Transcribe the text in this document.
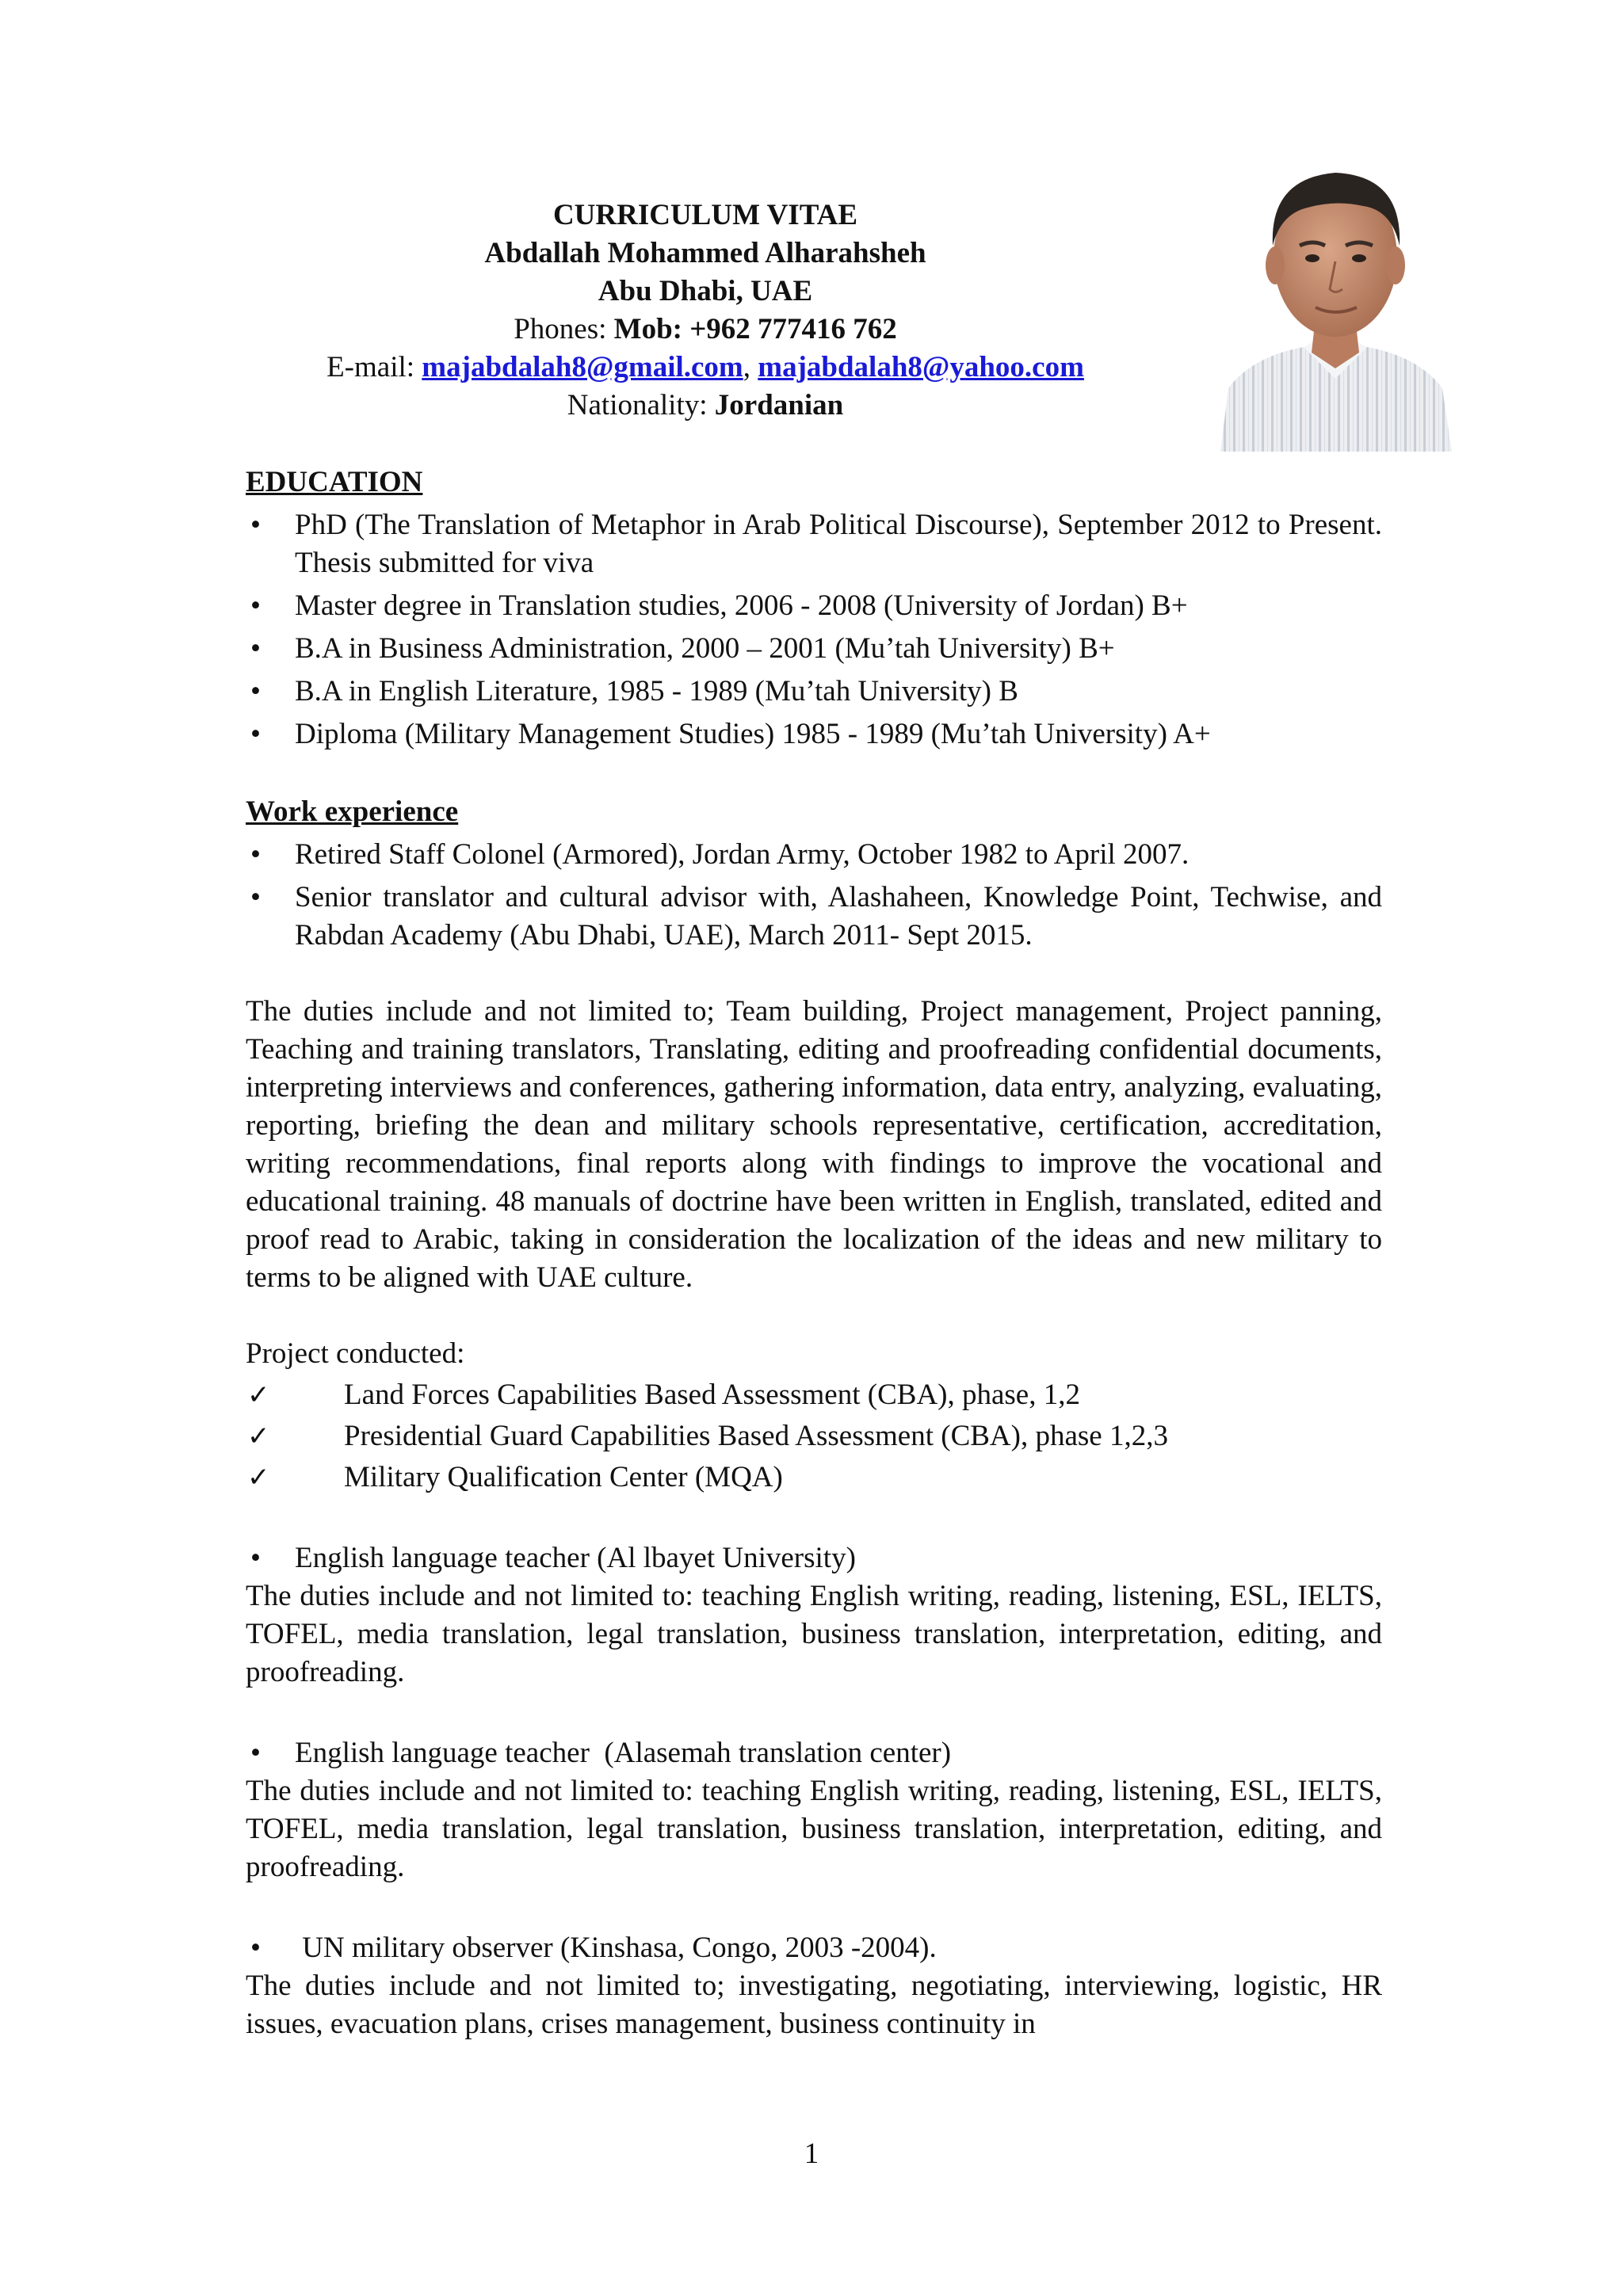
CURRICULUM VITAE
Abdallah Mohammed Alharahsheh
Abu Dhabi, UAE
Phones: Mob: +962 777416 762
E-mail: majabdalah8@gmail.com, majabdalah8@yahoo.com
Nationality: Jordanian
EDUCATION
• PhD (The Translation of Metaphor in Arab Political Discourse), September 2012 to Present. Thesis submitted for viva
• Master degree in Translation studies, 2006 - 2008 (University of Jordan) B+
• B.A in Business Administration, 2000 – 2001 (Mu’tah University) B+
• B.A in English Literature, 1985 - 1989 (Mu’tah University) B
• Diploma (Military Management Studies) 1985 - 1989 (Mu’tah University) A+
Work experience
• Retired Staff Colonel (Armored), Jordan Army, October 1982 to April 2007.
• Senior translator and cultural advisor with, Alashaheen, Knowledge Point, Techwise, and Rabdan Academy (Abu Dhabi, UAE), March 2011- Sept 2015.

The duties include and not limited to; Team building, Project management, Project panning, Teaching and training translators, Translating, editing and proofreading confidential documents, interpreting interviews and conferences, gathering information, data entry, analyzing, evaluating, reporting, briefing the dean and military schools representative, certification, accreditation, writing recommendations, final reports along with findings to improve the vocational and educational training. 48 manuals of doctrine have been written in English, translated, edited and proof read to Arabic, taking in consideration the localization of the ideas and new military to terms to be aligned with UAE culture.

Project conducted:

✓ Land Forces Capabilities Based Assessment (CBA), phase, 1,2
✓ Presidential Guard Capabilities Based Assessment (CBA), phase 1,2,3
✓ Military Qualification Center (MQA)
• English language teacher (Al lbayet University)

The duties include and not limited to: teaching English writing, reading, listening, ESL, IELTS, TOFEL, media translation, legal translation, business translation, interpretation, editing, and proofreading.

• English language teacher  (Alasemah translation center)

The duties include and not limited to: teaching English writing, reading, listening, ESL, IELTS, TOFEL, media translation, legal translation, business translation, interpretation, editing, and proofreading.

•  UN military observer (Kinshasa, Congo, 2003 -2004).

The duties include and not limited to; investigating, negotiating, interviewing, logistic, HR issues, evacuation plans, crises management, business continuity in

1
